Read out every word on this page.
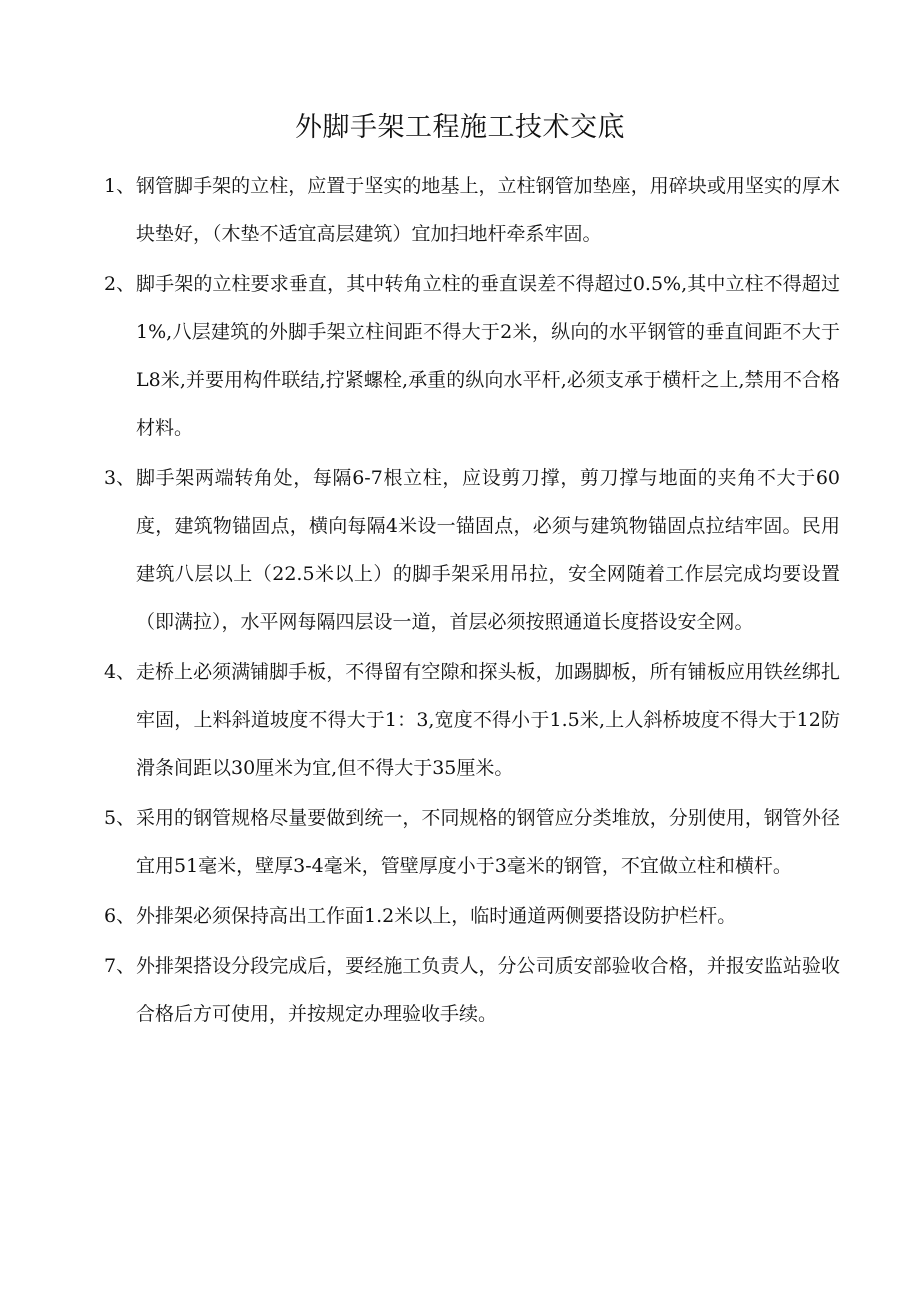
外脚手架工程施工技术交底
1、 钢管脚手架的立柱，应置于坚实的地基上，立柱钢管加垫座，用碎块或用坚实的厚木块垫好，（木垫不适宜高层建筑）宜加扫地杆牵系牢固。
2、 脚手架的立柱要求垂直，其中转角立柱的垂直误差不得超过0.5%,其中立柱不得超过1%,八层建筑的外脚手架立柱间距不得大于2米，纵向的水平钢管的垂直间距不大于L8米,并要用构件联结,拧紧螺栓,承重的纵向水平杆,必须支承于横杆之上,禁用不合格材料。
3、 脚手架两端转角处，每隔6-7根立柱，应设剪刀撑，剪刀撑与地面的夹角不大于60度，建筑物锚固点，横向每隔4米设一锚固点，必须与建筑物锚固点拉结牢固。民用建筑八层以上（22.5米以上）的脚手架采用吊拉，安全网随着工作层完成均要设置（即满拉），水平网每隔四层设一道，首层必须按照通道长度搭设安全网。
4、 走桥上必须满铺脚手板，不得留有空隙和探头板，加踢脚板，所有铺板应用铁丝绑扎牢固，上料斜道坡度不得大于1：3,宽度不得小于1.5米,上人斜桥坡度不得大于12防滑条间距以30厘米为宜,但不得大于35厘米。
5、 采用的钢管规格尽量要做到统一，不同规格的钢管应分类堆放，分别使用，钢管外径宜用51毫米，壁厚3-4毫米，管壁厚度小于3毫米的钢管，不宜做立柱和横杆。
6、 外排架必须保持高出工作面1.2米以上，临时通道两侧要搭设防护栏杆。
7、 外排架搭设分段完成后，要经施工负责人，分公司质安部验收合格，并报安监站验收合格后方可使用，并按规定办理验收手续。
